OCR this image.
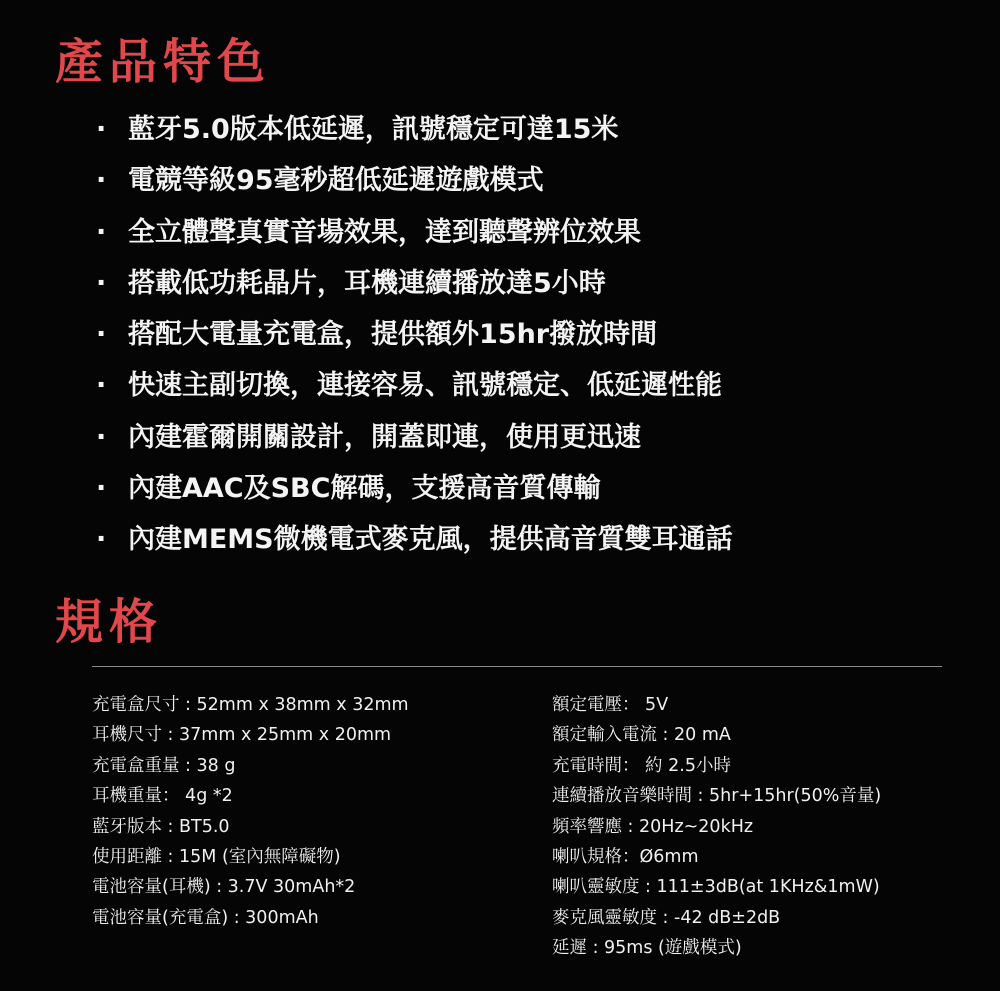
產品特色
· 藍牙5.0版本低延遲，訊號穩定可達15米
· 電競等級95毫秒超低延遲遊戲模式
· 全立體聲真實音場效果，達到聽聲辨位效果
· 搭載低功耗晶片，耳機連續播放達5小時
· 搭配大電量充電盒，提供額外15hr撥放時間
· 快速主副切換，連接容易、訊號穩定、低延遲性能
· 內建霍爾開關設計，開蓋即連，使用更迅速
· 內建AAC及SBC解碼，支援高音質傳輸
· 內建MEMS微機電式麥克風，提供高音質雙耳通話
規格
充電盒尺寸 : 52mm x 38mm x 32mm
耳機尺寸 : 37mm x 25mm x 20mm
充電盒重量 : 38 g
耳機重量： 4g *2
藍牙版本 : BT5.0
使用距離 : 15M (室內無障礙物)
電池容量(耳機) : 3.7V 30mAh*2
電池容量(充電盒) : 300mAh
額定電壓： 5V
額定輸入電流 : 20 mA
充電時間： 約 2.5小時
連續播放音樂時間 : 5hr+15hr(50%音量)
頻率響應 : 20Hz~20kHz
喇叭規格：Ø6mm
喇叭靈敏度 : 111±3dB(at 1KHz&1mW)
麥克風靈敏度 : -42 dB±2dB
延遲 : 95ms (遊戲模式)
